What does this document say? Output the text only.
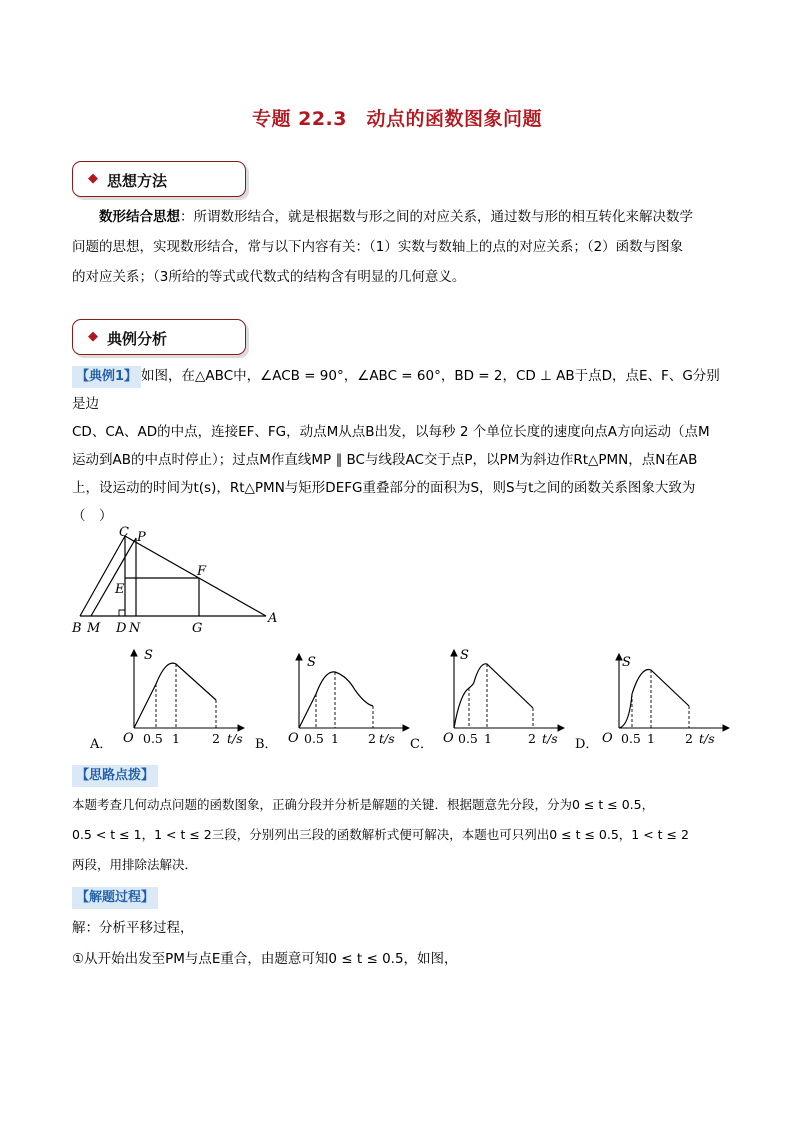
专题 22.3　动点的函数图象问题
◆ 思想方法

数形结合思想：所谓数形结合，就是根据数与形之间的对应关系，通过数与形的相互转化来解决数学

问题的思想，实现数形结合，常与以下内容有关：（1）实数与数轴上的点的对应关系；（2）函数与图象

的对应关系；（3所给的等式或代数式的结构含有明显的几何意义。

◆ 典例分析

【典例1】 如图，在△ABC中，∠ACB = 90°，∠ABC = 60°，BD = 2，CD ⊥ AB于点D，点E、F、G分别是边

CD、CA、AD的中点，连接EF、FG，动点M从点B出发，以每秒 2 个单位长度的速度向点A方向运动（点M

运动到AB的中点时停止）；过点M作直线MP ∥ BC与线段AC交于点P，以PM为斜边作Rt△PMN，点N在AB

上，设运动的时间为t(s)，Rt△PMN与矩形DEFG重叠部分的面积为S，则S与t之间的函数关系图象大致为

（　）

C P
F
E
B M D N	G
A
A．
S
O 0.5 1	2 t/s B．
S
O 0.5 1 2 t/s C．
S
O 0.5 1	2 t/s D．
S
O 0.5 1 2 t/s

【思路点拨】

本题考查几何动点问题的函数图象，正确分段并分析是解题的关键．根据题意先分段，分为0 ≤ t ≤ 0.5，

0.5 < t ≤ 1，1 < t ≤ 2三段，分别列出三段的函数解析式便可解决，本题也可只列出0 ≤ t ≤ 0.5，1 < t ≤ 2

两段，用排除法解决．

【解题过程】

解：分析平移过程，

①从开始出发至PM与点E重合，由题意可知0 ≤ t ≤ 0.5，如图，
